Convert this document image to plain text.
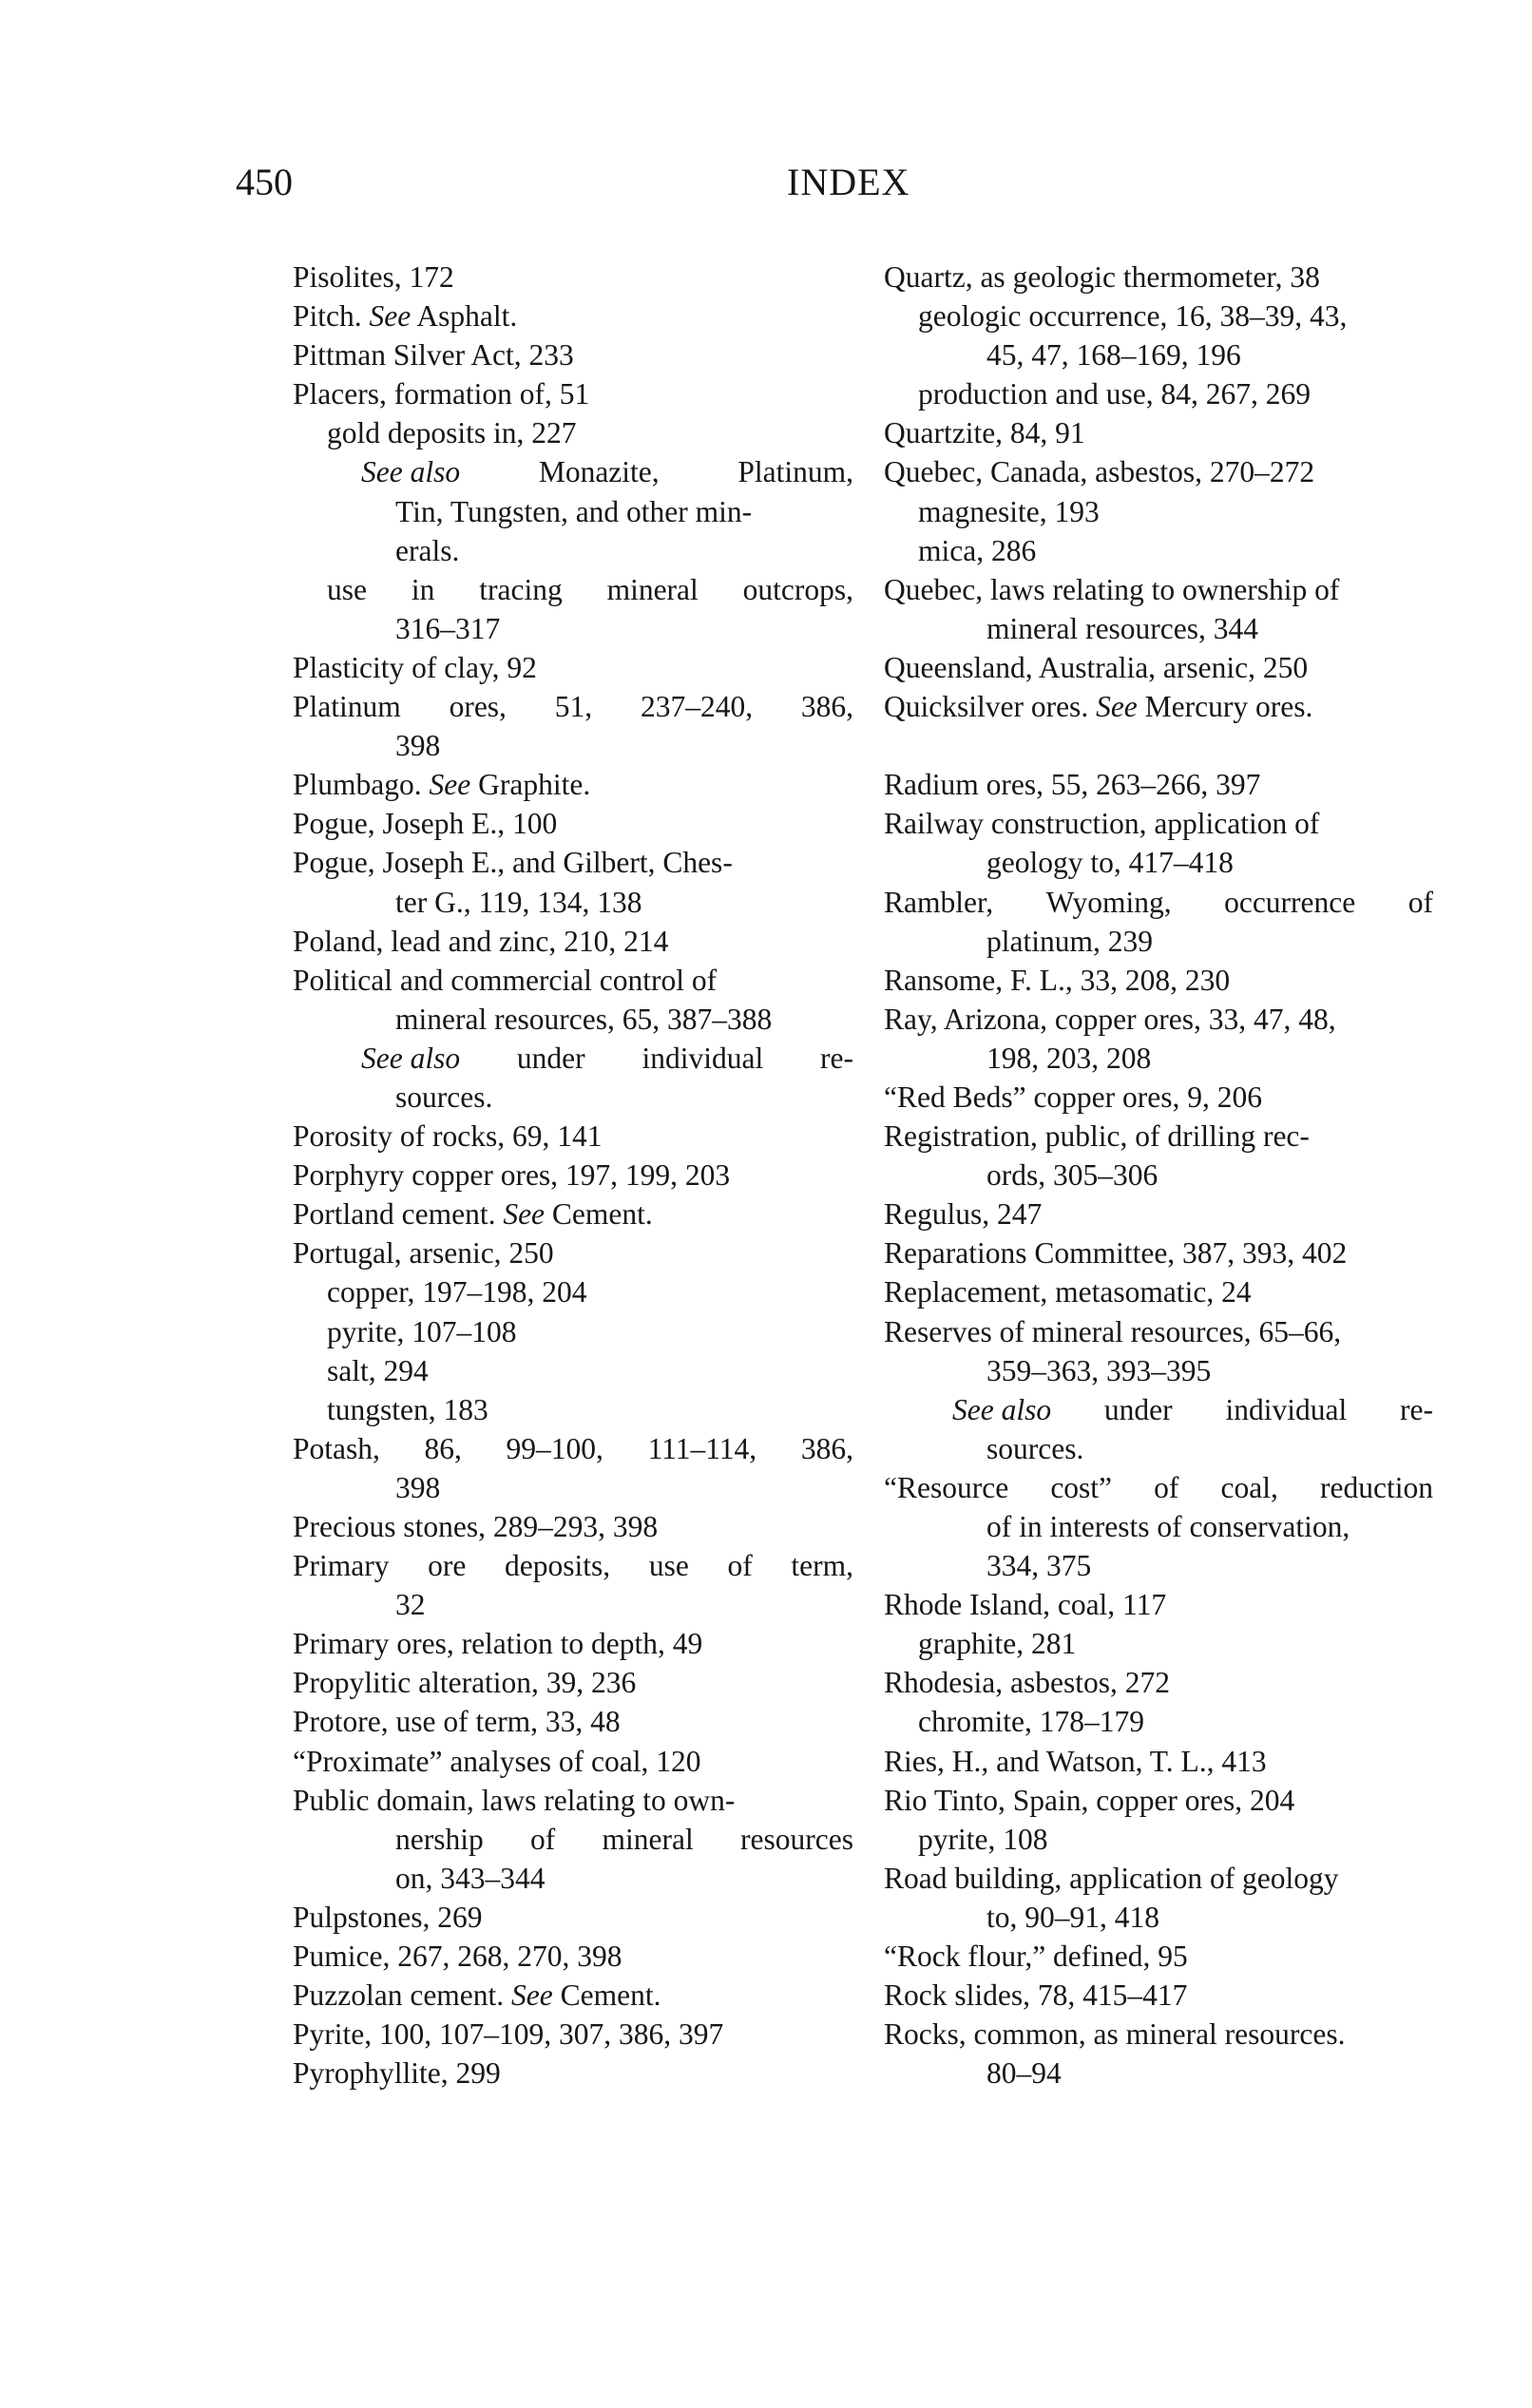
450	INDEX
Pisolites, 172
Pitch. See Asphalt.
Pittman Silver Act, 233
Placers, formation of, 51
gold deposits in, 227
See also	Monazite,	Platinum,
Tin, Tungsten, and other min-
erals.
use in tracing mineral outcrops,
316–317
Plasticity of clay, 92
Platinum ores, 51, 237–240, 386,
398
Plumbago. See Graphite.
Pogue, Joseph E., 100
Pogue, Joseph E., and Gilbert, Ches-
ter G., 119, 134, 138
Poland, lead and zinc, 210, 214
Political and commercial control of
mineral resources, 65, 387–388
See also under individual re-
sources.
Porosity of rocks, 69, 141
Porphyry copper ores, 197, 199, 203
Portland cement. See Cement.
Portugal, arsenic, 250
copper, 197–198, 204
pyrite, 107–108
salt, 294
tungsten, 183
Potash, 86, 99–100, 111–114, 386,
398
Precious stones, 289–293, 398
Primary ore deposits, use of term,
32
Primary ores, relation to depth, 49
Propylitic alteration, 39, 236
Protore, use of term, 33, 48
“Proximate” analyses of coal, 120
Public domain, laws relating to own-
nership of mineral resources
on, 343–344
Pulpstones, 269
Pumice, 267, 268, 270, 398
Puzzolan cement. See Cement.
Pyrite, 100, 107–109, 307, 386, 397
Pyrophyllite, 299
Quartz, as geologic thermometer, 38
geologic occurrence, 16, 38–39, 43,
45, 47, 168–169, 196
production and use, 84, 267, 269
Quartzite, 84, 91
Quebec, Canada, asbestos, 270–272
magnesite, 193
mica, 286
Quebec, laws relating to ownership of
mineral resources, 344
Queensland, Australia, arsenic, 250
Quicksilver ores. See Mercury ores.
Radium ores, 55, 263–266, 397
Railway construction, application of
geology to, 417–418
Rambler, Wyoming, occurrence of
platinum, 239
Ransome, F. L., 33, 208, 230
Ray, Arizona, copper ores, 33, 47, 48,
198, 203, 208
“Red Beds” copper ores, 9, 206
Registration, public, of drilling rec-
ords, 305–306
Regulus, 247
Reparations Committee, 387, 393, 402
Replacement, metasomatic, 24
Reserves of mineral resources, 65–66,
359–363, 393–395
See also under individual re-
sources.
“Resource cost” of coal, reduction
of in interests of conservation,
334, 375
Rhode Island, coal, 117
graphite, 281
Rhodesia, asbestos, 272
chromite, 178–179
Ries, H., and Watson, T. L., 413
Rio Tinto, Spain, copper ores, 204
pyrite, 108
Road building, application of geology
to, 90–91, 418
“Rock flour,” defined, 95
Rock slides, 78, 415–417
Rocks, common, as mineral resources.
80–94
